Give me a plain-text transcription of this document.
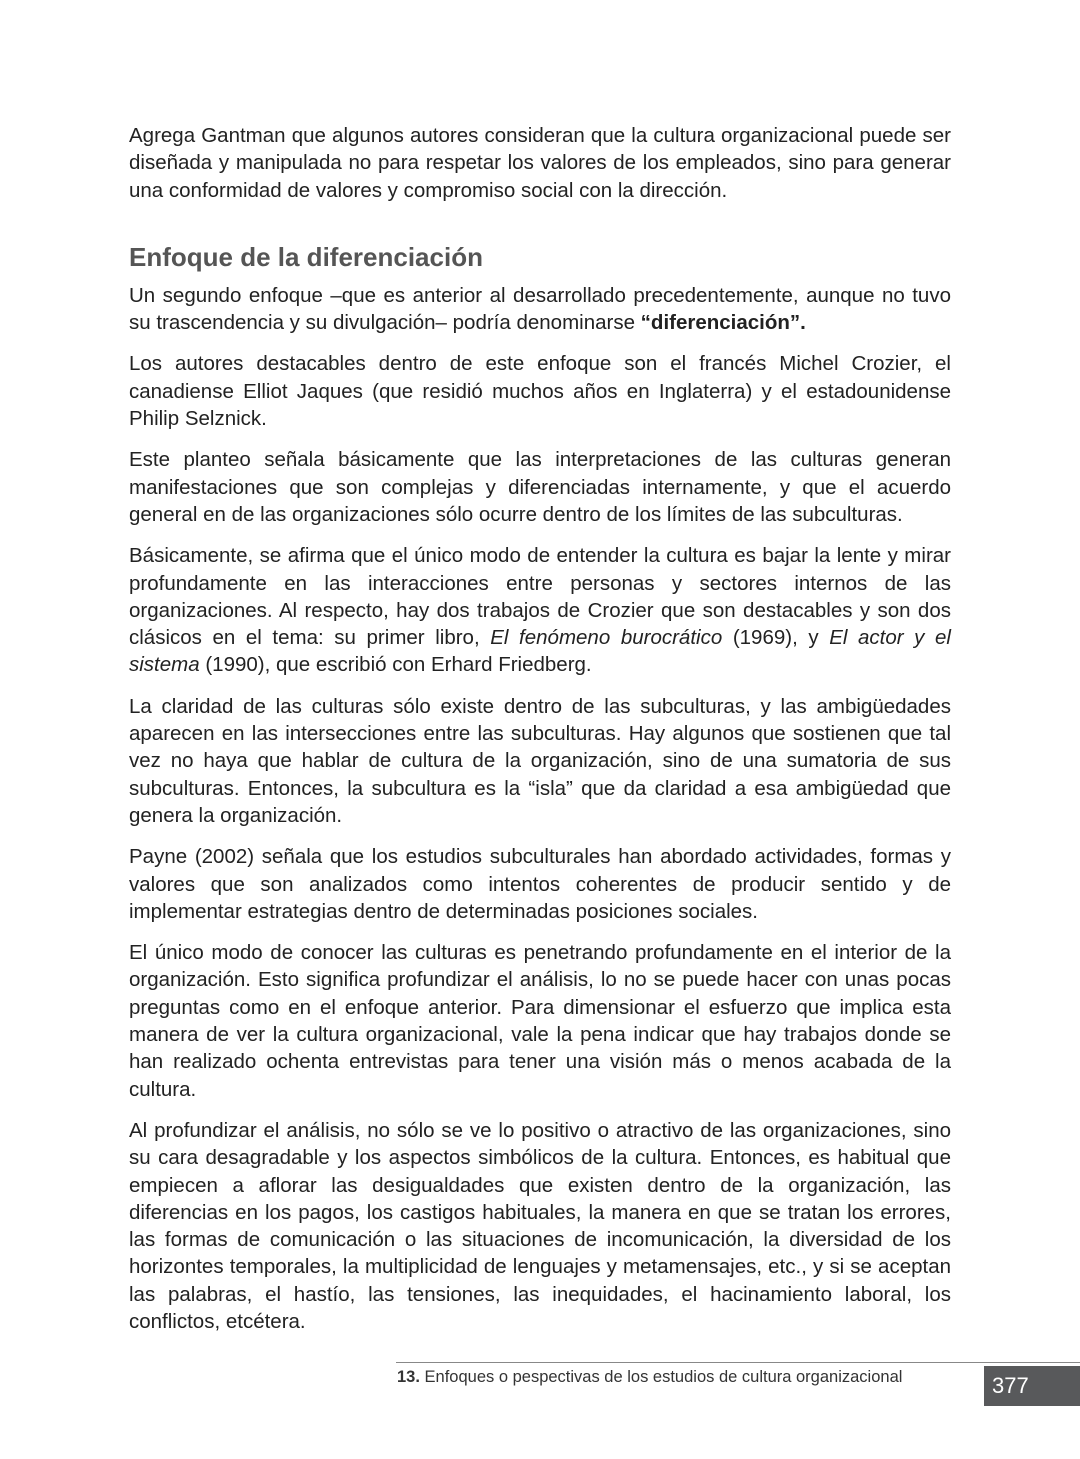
Agrega Gantman que algunos autores consideran que la cultura organizacional puede ser diseñada y manipulada no para respetar los valores de los empleados, sino para generar una conformidad de valores y compromiso social con la dirección.

Enfoque de la diferenciación

Un segundo enfoque –que es anterior al desarrollado precedentemente, aunque no tuvo su trascendencia y su divulgación– podría denominarse “diferenciación”.

Los autores destacables dentro de este enfoque son el francés Michel Crozier, el canadiense Elliot Jaques (que residió muchos años en Inglaterra) y el estadounidense Philip Selznick.

Este planteo señala básicamente que las interpretaciones de las culturas generan manifestaciones que son complejas y diferenciadas internamente, y que el acuerdo general en de las organizaciones sólo ocurre dentro de los límites de las subculturas.

Básicamente, se afirma que el único modo de entender la cultura es bajar la lente y mirar profundamente en las interacciones entre personas y sectores internos de las organizaciones. Al respecto, hay dos trabajos de Crozier que son destacables y son dos clásicos en el tema: su primer libro, El fenómeno burocrático (1969), y El actor y el sistema (1990), que escribió con Erhard Friedberg.

La claridad de las culturas sólo existe dentro de las subculturas, y las ambigüedades aparecen en las intersecciones entre las subculturas. Hay algunos que sostienen que tal vez no haya que hablar de cultura de la organización, sino de una sumatoria de sus subculturas. Entonces, la subcultura es la “isla” que da claridad a esa ambigüedad que genera la organización.

Payne (2002) señala que los estudios subculturales han abordado actividades, formas y valores que son analizados como intentos coherentes de producir sentido y de implementar estrategias dentro de determinadas posiciones sociales.

El único modo de conocer las culturas es penetrando profundamente en el interior de la organización. Esto significa profundizar el análisis, lo no se puede hacer con unas pocas preguntas como en el enfoque anterior. Para dimensionar el esfuerzo que implica esta manera de ver la cultura organizacional, vale la pena indicar que hay trabajos donde se han realizado ochenta entrevistas para tener una visión más o menos acabada de la cultura.

Al profundizar el análisis, no sólo se ve lo positivo o atractivo de las organizaciones, sino su cara desagradable y los aspectos simbólicos de la cultura. Entonces, es habitual que empiecen a aflorar las desigualdades que existen dentro de la organización, las diferencias en los pagos, los castigos habituales, la manera en que se tratan los errores, las formas de comunicación o las situaciones de incomunicación, la diversidad de los horizontes temporales, la multiplicidad de lenguajes y metamensajes, etc., y si se aceptan las palabras, el hastío, las tensiones, las inequidades, el hacinamiento laboral, los conflictos, etcétera.

13. Enfoques o pespectivas de los estudios de cultura organizacional	377
